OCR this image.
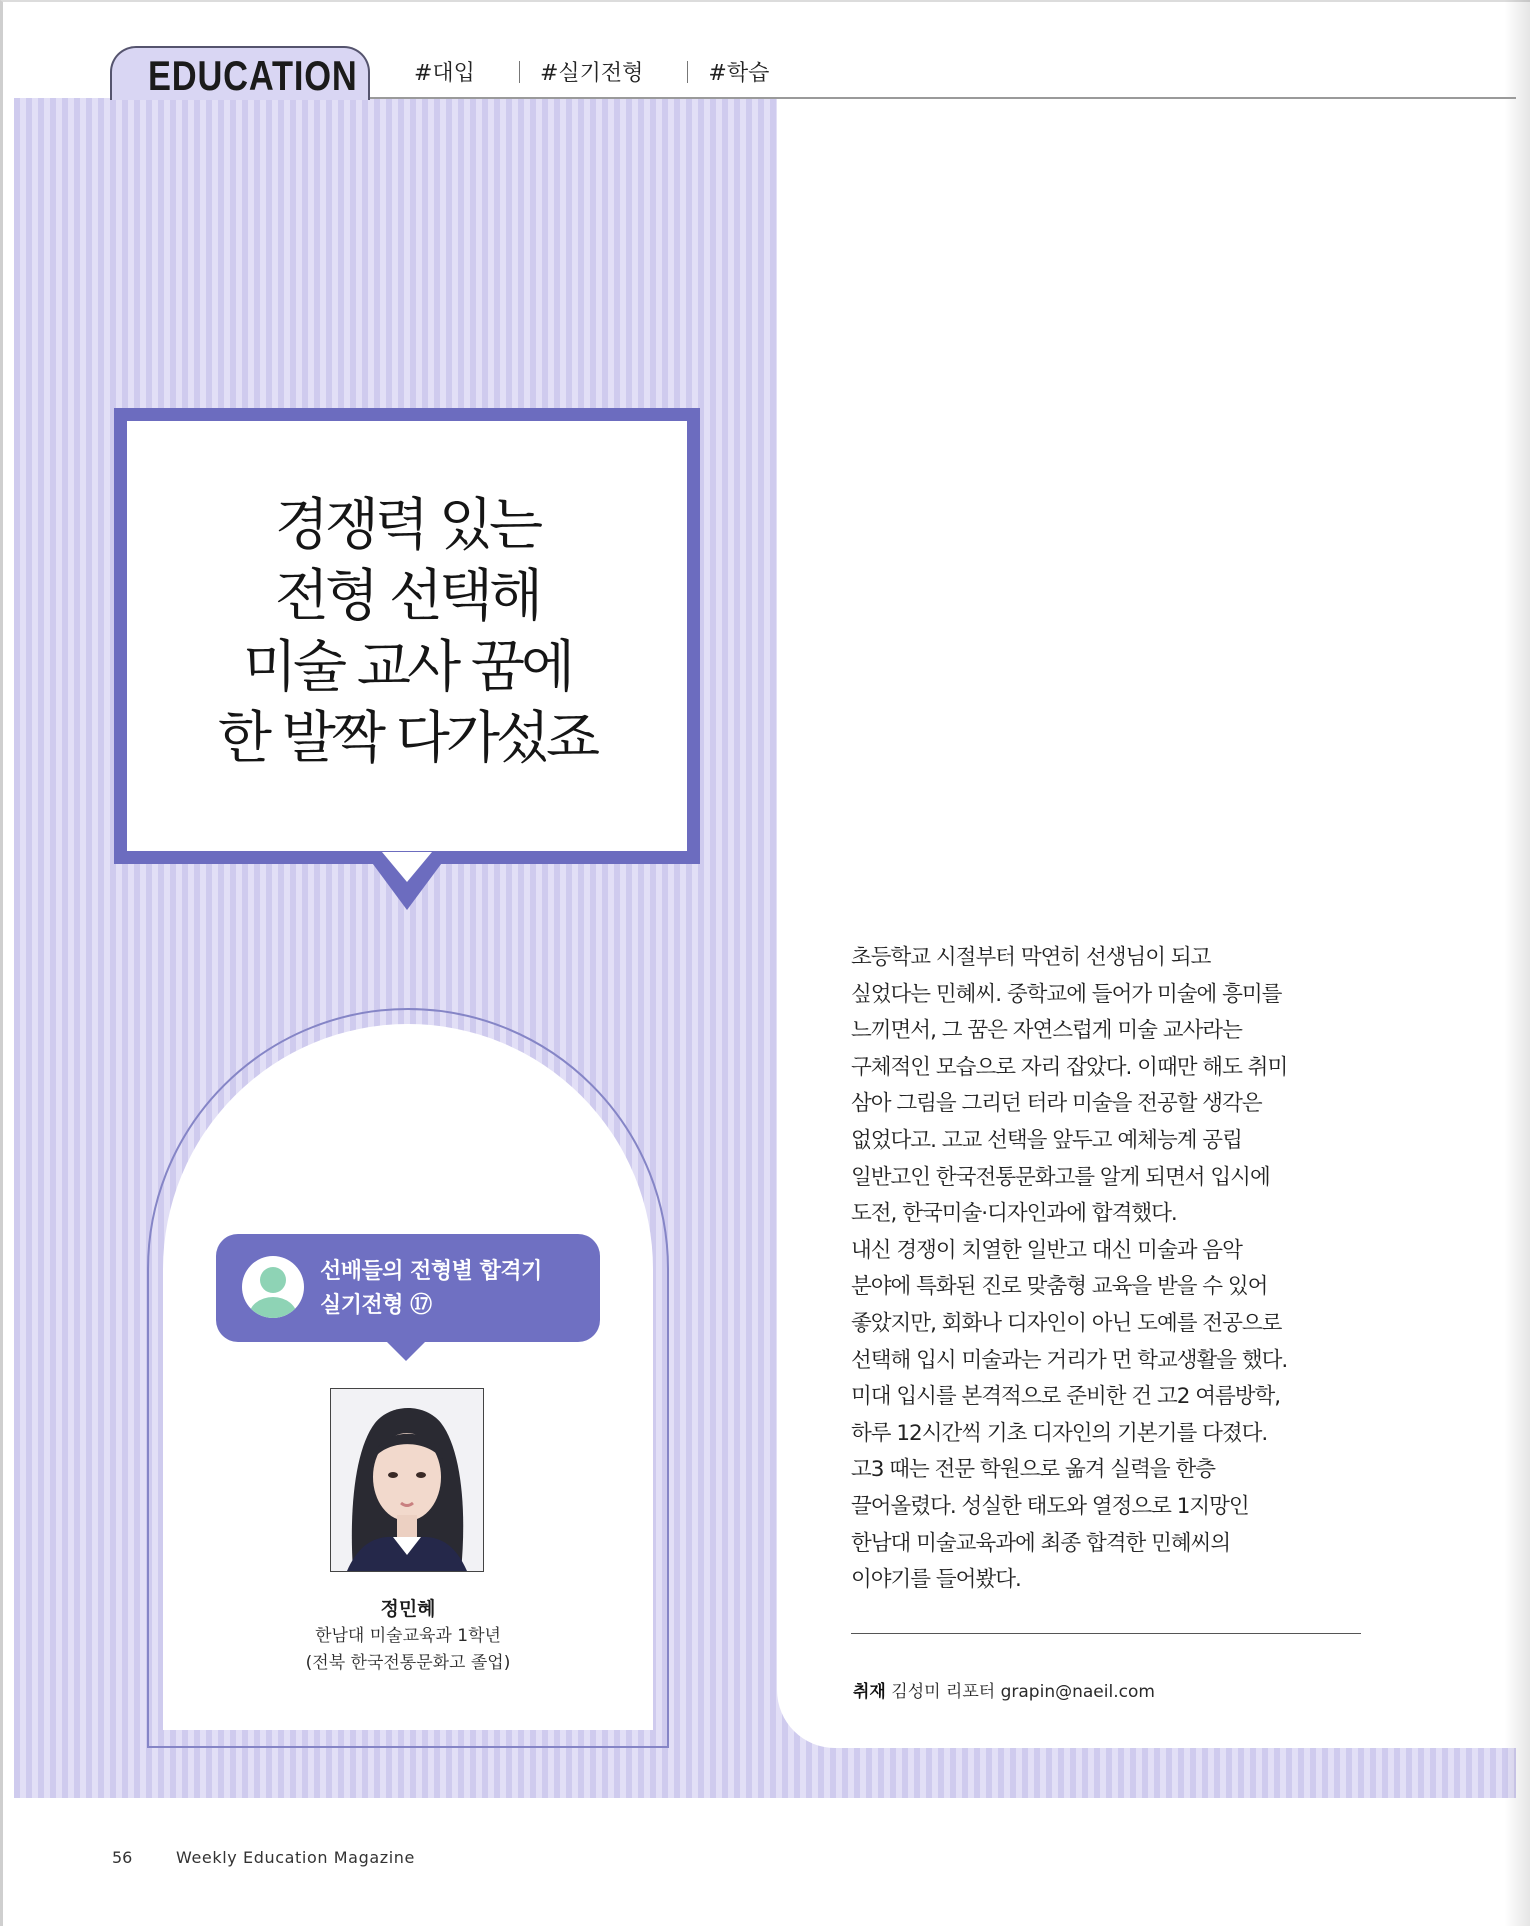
EDUCATION	#대입	#실기전형	#학습
경쟁력 있는
전형 선택해
미술 교사 꿈에
한 발짝 다가섰죠
선배들의 전형별 합격기
실기전형 ⑰
정민혜
한남대 미술교육과 1학년
(전북 한국전통문화고 졸업)
초등학교 시절부터 막연히 선생님이 되고
싶었다는 민혜씨. 중학교에 들어가 미술에 흥미를
느끼면서, 그 꿈은 자연스럽게 미술 교사라는
구체적인 모습으로 자리 잡았다. 이때만 해도 취미
삼아 그림을 그리던 터라 미술을 전공할 생각은
없었다고. 고교 선택을 앞두고 예체능계 공립
일반고인 한국전통문화고를 알게 되면서 입시에
도전, 한국미술·디자인과에 합격했다.
내신 경쟁이 치열한 일반고 대신 미술과 음악
분야에 특화된 진로 맞춤형 교육을 받을 수 있어
좋았지만, 회화나 디자인이 아닌 도예를 전공으로
선택해 입시 미술과는 거리가 먼 학교생활을 했다.
미대 입시를 본격적으로 준비한 건 고2 여름방학,
하루 12시간씩 기초 디자인의 기본기를 다졌다.
고3 때는 전문 학원으로 옮겨 실력을 한층
끌어올렸다. 성실한 태도와 열정으로 1지망인
한남대 미술교육과에 최종 합격한 민혜씨의
이야기를 들어봤다.
취재 김성미 리포터 grapin@naeil.com
56	Weekly Education Magazine
